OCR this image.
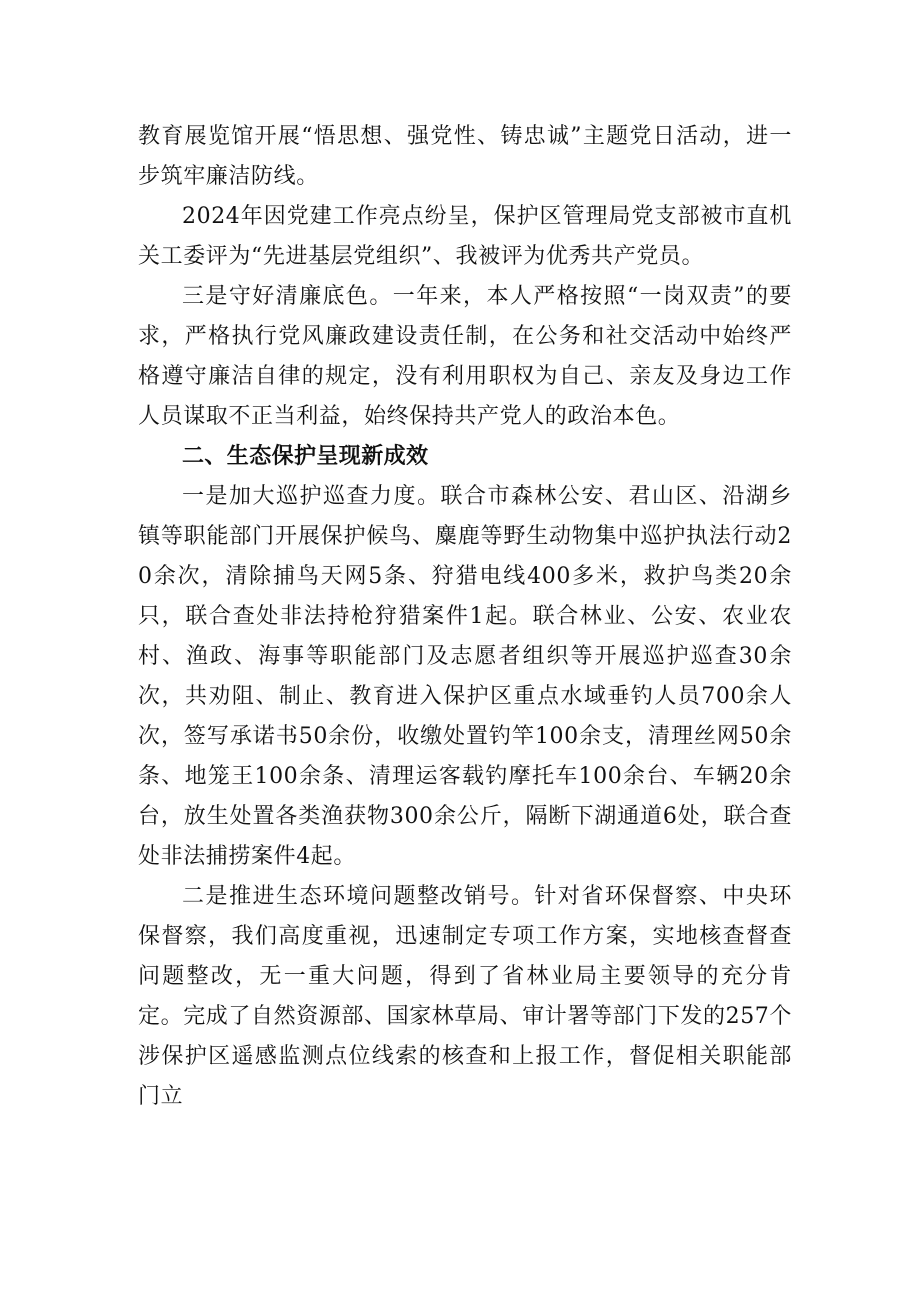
教育展览馆开展“悟思想、强党性、铸忠诚”主题党日活动，进一步筑牢廉洁防线。

2024年因党建工作亮点纷呈，保护区管理局党支部被市直机关工委评为“先进基层党组织”、我被评为优秀共产党员。

三是守好清廉底色。一年来，本人严格按照“一岗双责”的要求，严格执行党风廉政建设责任制，在公务和社交活动中始终严格遵守廉洁自律的规定，没有利用职权为自己、亲友及身边工作人员谋取不正当利益，始终保持共产党人的政治本色。

二、生态保护呈现新成效

一是加大巡护巡查力度。联合市森林公安、君山区、沿湖乡镇等职能部门开展保护候鸟、麋鹿等野生动物集中巡护执法行动20余次，清除捕鸟天网5条、狩猎电线400多米，救护鸟类20余只，联合查处非法持枪狩猎案件1起。联合林业、公安、农业农村、渔政、海事等职能部门及志愿者组织等开展巡护巡查30余次，共劝阻、制止、教育进入保护区重点水域垂钓人员700余人次，签写承诺书50余份，收缴处置钓竿100余支，清理丝网50余条、地笼王100余条、清理运客载钓摩托车100余台、车辆20余台，放生处置各类渔获物300余公斤，隔断下湖通道6处，联合查处非法捕捞案件4起。

二是推进生态环境问题整改销号。针对省环保督察、中央环保督察，我们高度重视，迅速制定专项工作方案，实地核查督查问题整改，无一重大问题，得到了省林业局主要领导的充分肯定。完成了自然资源部、国家林草局、审计署等部门下发的257个涉保护区遥感监测点位线索的核查和上报工作，督促相关职能部门立
